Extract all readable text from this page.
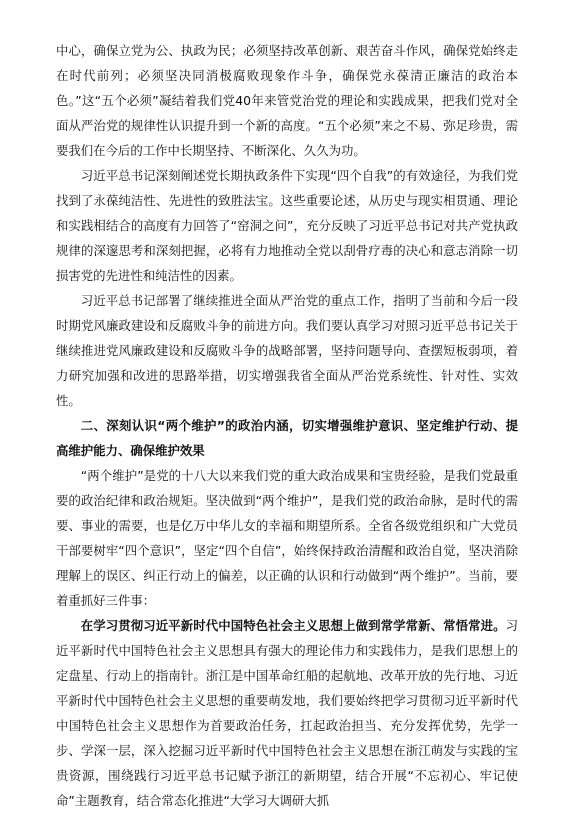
中心，确保立党为公、执政为民；必须坚持改革创新、艰苦奋斗作风，确保党始终走在时代前列；必须坚决同消极腐败现象作斗争，确保党永葆清正廉洁的政治本色。”这“五个必须”凝结着我们党40年来管党治党的理论和实践成果，把我们党对全面从严治党的规律性认识提升到一个新的高度。“五个必须”来之不易、弥足珍贵，需要我们在今后的工作中长期坚持、不断深化、久久为功。

习近平总书记深刻阐述党长期执政条件下实现“四个自我”的有效途径，为我们党找到了永葆纯洁性、先进性的致胜法宝。这些重要论述，从历史与现实相贯通、理论和实践相结合的高度有力回答了“窑洞之问”，充分反映了习近平总书记对共产党执政规律的深邃思考和深刻把握，必将有力地推动全党以刮骨疗毒的决心和意志消除一切损害党的先进性和纯洁性的因素。

习近平总书记部署了继续推进全面从严治党的重点工作，指明了当前和今后一段时期党风廉政建设和反腐败斗争的前进方向。我们要认真学习对照习近平总书记关于继续推进党风廉政建设和反腐败斗争的战略部署，坚持问题导向、查摆短板弱项，着力研究加强和改进的思路举措，切实增强我省全面从严治党系统性、针对性、实效性。

二、深刻认识“两个维护”的政治内涵，切实增强维护意识、坚定维护行动、提高维护能力、确保维护效果

“两个维护”是党的十八大以来我们党的重大政治成果和宝贵经验，是我们党最重要的政治纪律和政治规矩。坚决做到“两个维护”，是我们党的政治命脉，是时代的需要、事业的需要，也是亿万中华儿女的幸福和期望所系。全省各级党组织和广大党员干部要树牢“四个意识”，坚定“四个自信”，始终保持政治清醒和政治自觉，坚决消除理解上的误区、纠正行动上的偏差，以正确的认识和行动做到“两个维护”。当前，要着重抓好三件事：

在学习贯彻习近平新时代中国特色社会主义思想上做到常学常新、常悟常进。习近平新时代中国特色社会主义思想具有强大的理论伟力和实践伟力，是我们思想上的定盘星、行动上的指南针。浙江是中国革命红船的起航地、改革开放的先行地、习近平新时代中国特色社会主义思想的重要萌发地，我们要始终把学习贯彻习近平新时代中国特色社会主义思想作为首要政治任务，扛起政治担当、充分发挥优势，先学一步、学深一层，深入挖掘习近平新时代中国特色社会主义思想在浙江萌发与实践的宝贵资源，围绕践行习近平总书记赋予浙江的新期望，结合开展“不忘初心、牢记使命”主题教育，结合常态化推进“大学习大调研大抓
